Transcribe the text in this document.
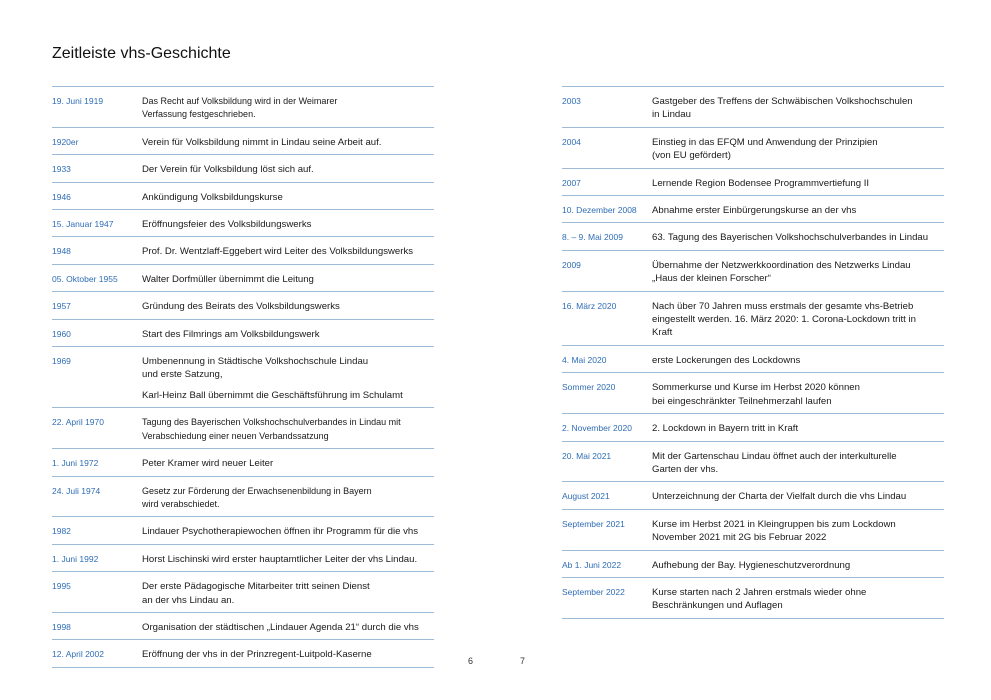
Zeitleiste vhs-Geschichte
19. Juni 1919	Das Recht auf Volksbildung wird in der Weimarer
Verfassung festgeschrieben.
1920er	Verein für Volksbildung nimmt in Lindau seine Arbeit auf.
1933	Der Verein für Volksbildung löst sich auf.
1946	Ankündigung Volksbildungskurse
15. Januar 1947	Eröffnungsfeier des Volksbildungswerks
1948	Prof. Dr. Wentzlaff-Eggebert wird Leiter des Volksbildungswerks
05. Oktober 1955	Walter Dorfmüller übernimmt die Leitung
1957	Gründung des Beirats des Volksbildungswerks
1960	Start des Filmrings am Volksbildungswerk
1969	Umbenennung in Städtische Volkshochschule Lindau
und erste Satzung,
Karl-Heinz Ball übernimmt die Geschäftsführung im Schulamt
22. April 1970	Tagung des Bayerischen Volkshochschulverbandes in Lindau mit
Verabschiedung einer neuen Verbandssatzung
1. Juni 1972	Peter Kramer wird neuer Leiter
24. Juli 1974	Gesetz zur Förderung der Erwachsenenbildung in Bayern
wird verabschiedet.
1982	Lindauer Psychotherapiewochen öffnen ihr Programm für die vhs
1. Juni 1992	Horst Lischinski wird erster hauptamtlicher Leiter der vhs Lindau.
1995	Der erste Pädagogische Mitarbeiter tritt seinen Dienst
an der vhs Lindau an.
1998	Organisation der städtischen „Lindauer Agenda 21“ durch die vhs
12. April 2002	Eröffnung der vhs in der Prinzregent-Luitpold-Kaserne
2003	Gastgeber des Treffens der Schwäbischen Volkshochschulen
in Lindau
2004	Einstieg in das EFQM und Anwendung der Prinzipien
(von EU gefördert)
2007	Lernende Region Bodensee Programmvertiefung II
10. Dezember 2008	Abnahme erster Einbürgerungskurse an der vhs
8. – 9. Mai 2009	63. Tagung des Bayerischen Volkshochschulverbandes in Lindau
2009	Übernahme der Netzwerkkoordination des Netzwerks Lindau
„Haus der kleinen Forscher“
16. März 2020	Nach über 70 Jahren muss erstmals der gesamte vhs-Betrieb
eingestellt werden. 16. März 2020: 1. Corona-Lockdown tritt in
Kraft
4. Mai 2020	erste Lockerungen des Lockdowns
Sommer 2020	Sommerkurse und Kurse im Herbst 2020 können
bei eingeschränkter Teilnehmerzahl laufen
2. November 2020	2. Lockdown in Bayern tritt in Kraft
20. Mai 2021	Mit der Gartenschau Lindau öffnet auch der interkulturelle
Garten der vhs.
August 2021	Unterzeichnung der Charta der Vielfalt durch die vhs Lindau
September 2021	Kurse im Herbst 2021 in Kleingruppen bis zum Lockdown
November 2021 mit 2G bis Februar 2022
Ab 1. Juni 2022	Aufhebung der Bay. Hygieneschutzverordnung
September 2022	Kurse starten nach 2 Jahren erstmals wieder ohne
Beschränkungen und Auflagen
6	7
